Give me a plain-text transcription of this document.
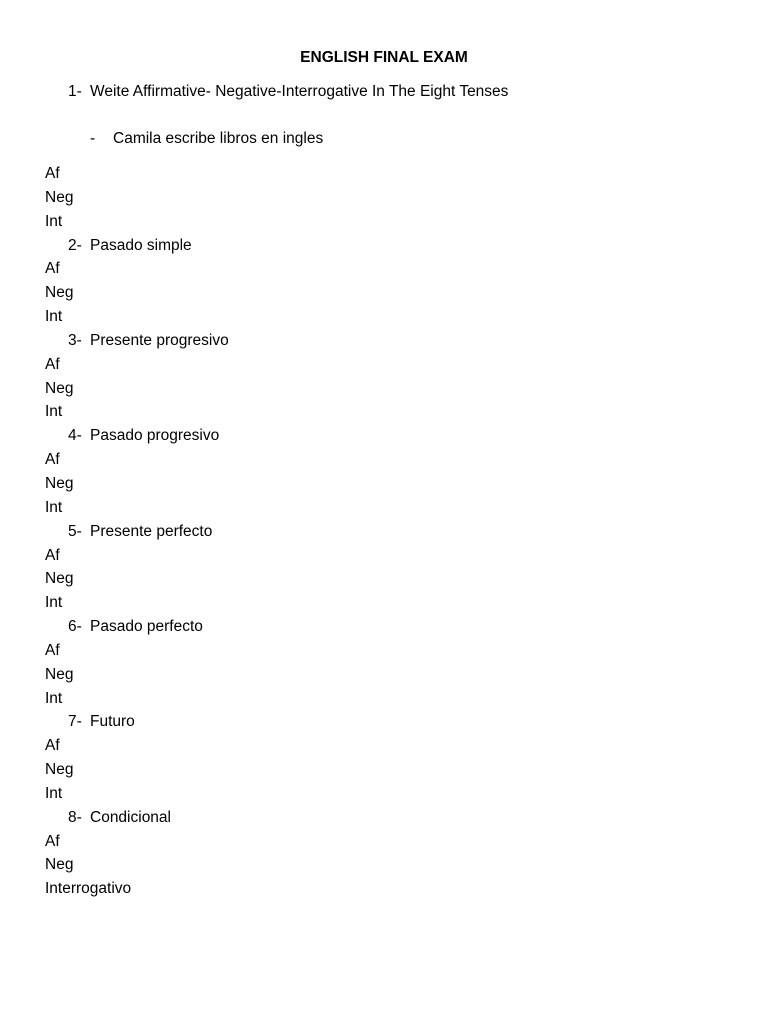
ENGLISH FINAL EXAM
1- Weite Affirmative- Negative-Interrogative In The Eight Tenses
- Camila escribe libros en ingles
Af
Neg
Int
2- Pasado simple
Af
Neg
Int
3- Presente progresivo
Af
Neg
Int
4- Pasado progresivo
Af
Neg
Int
5- Presente perfecto
Af
Neg
Int
6- Pasado perfecto
Af
Neg
Int
7- Futuro
Af
Neg
Int
8- Condicional
Af
Neg
Interrogativo
